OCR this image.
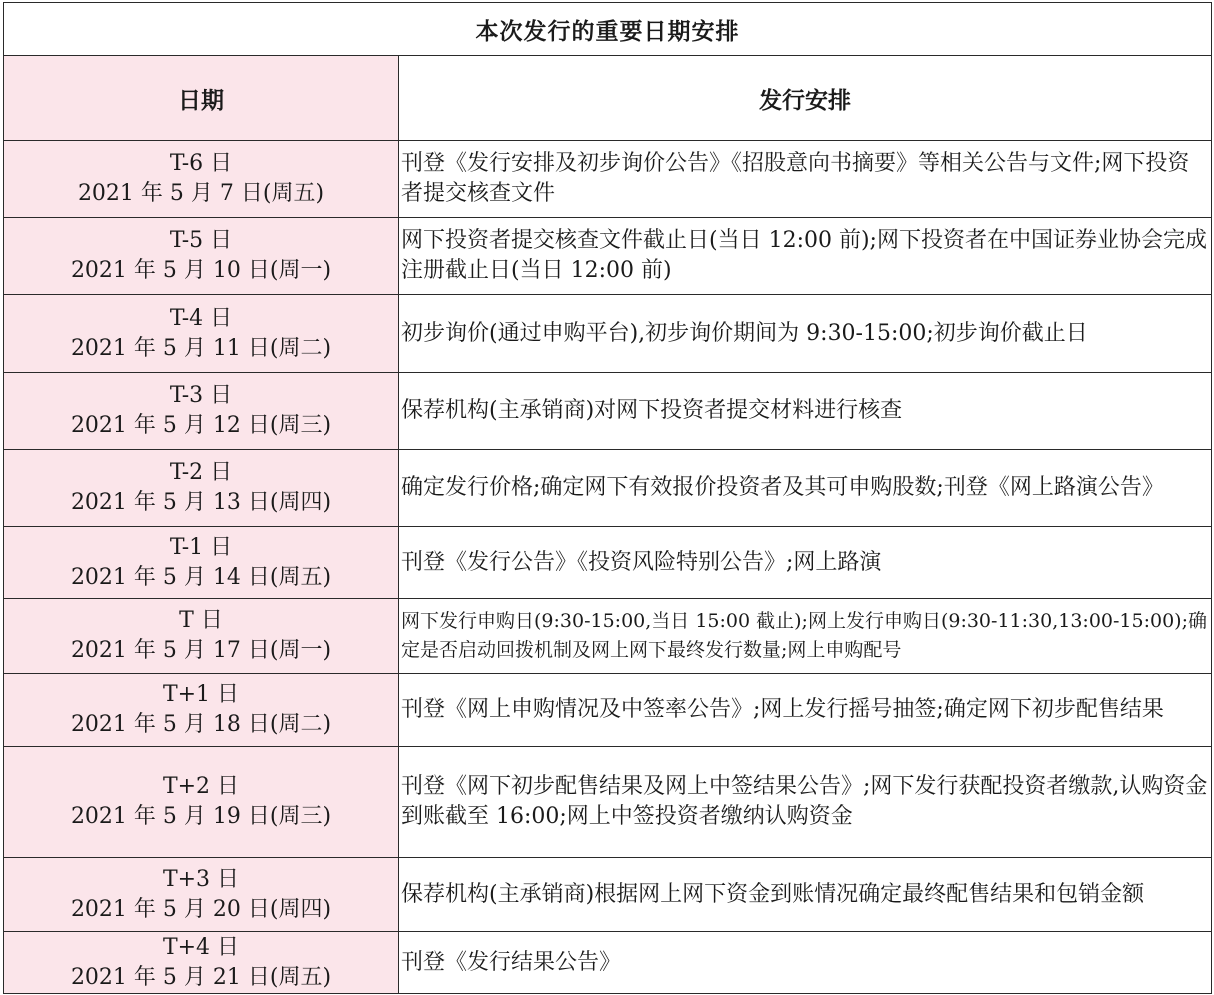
本次发行的重要日期安排	
日期	发行安排

T-6 日
2021 年 5 月 7 日(周五)	刊登《发行安排及初步询价公告》《招股意向书摘要》等相关公告与文件;网下投资者提交核查文件

T-5 日
2021 年 5 月 10 日(周一)	网下投资者提交核查文件截止日(当日 12:00 前);网下投资者在中国证券业协会完成注册截止日(当日 12:00 前)

T-4 日
2021 年 5 月 11 日(周二)	初步询价(通过申购平台),初步询价期间为 9:30-15:00;初步询价截止日

T-3 日
2021 年 5 月 12 日(周三)	保荐机构(主承销商)对网下投资者提交材料进行核查

T-2 日
2021 年 5 月 13 日(周四)	确定发行价格;确定网下有效报价投资者及其可申购股数;刊登《网上路演公告》

T-1 日
2021 年 5 月 14 日(周五)	刊登《发行公告》《投资风险特别公告》;网上路演

T 日
2021 年 5 月 17 日(周一)	网下发行申购日(9:30-15:00,当日 15:00 截止);网上发行申购日(9:30-11:30,13:00-15:00);确定是否启动回拨机制及网上网下最终发行数量;网上申购配号

T+1 日
2021 年 5 月 18 日(周二)	刊登《网上申购情况及中签率公告》;网上发行摇号抽签;确定网下初步配售结果

T+2 日
2021 年 5 月 19 日(周三)	刊登《网下初步配售结果及网上中签结果公告》;网下发行获配投资者缴款,认购资金到账截至 16:00;网上中签投资者缴纳认购资金

T+3 日
2021 年 5 月 20 日(周四)	保荐机构(主承销商)根据网上网下资金到账情况确定最终配售结果和包销金额

T+4 日
2021 年 5 月 21 日(周五)	刊登《发行结果公告》
